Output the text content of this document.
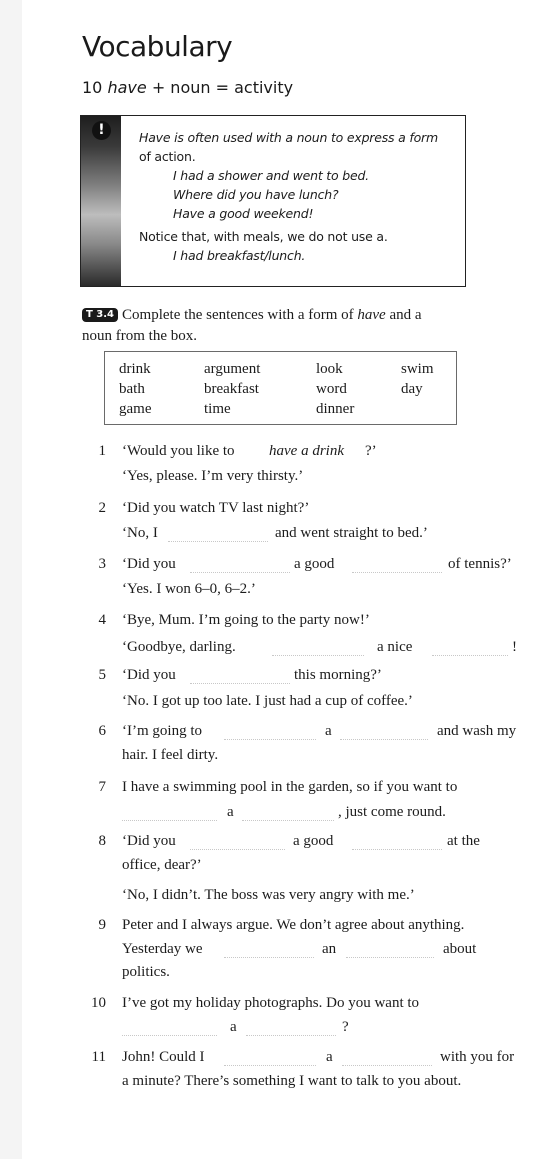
Vocabulary
10 have + noun = activity
!	Have is often used with a noun to express a form
of action.
I had a shower and went to bed.
Where did you have lunch?
Have a good weekend!
Notice that, with meals, we do not use a.
I had breakfast/lunch.
T 3.4 Complete the sentences with a form of have and a
noun from the box.
drink	argument	look	swim
bath	breakfast	word	day
game	time	dinner
1 ‘Would you like to have a drink ?’
‘Yes, please. I’m very thirsty.’
2 ‘Did you watch TV last night?’
‘No, I	and went straight to bed.’
3 ‘Did you	a good	of tennis?’
‘Yes. I won 6–0, 6–2.’
4 ‘Bye, Mum. I’m going to the party now!’
‘Goodbye, darling.	a nice	!
5 ‘Did you	this morning?’
‘No. I got up too late. I just had a cup of coffee.’
6 ‘I’m going to	a	and wash my
hair. I feel dirty.
7 I have a swimming pool in the garden, so if you want to
a	, just come round.
8 ‘Did you	a good	at the
office, dear?’
‘No, I didn’t. The boss was very angry with me.’
9 Peter and I always argue. We don’t agree about anything.
Yesterday we	an	about
politics.
10 I’ve got my holiday photographs. Do you want to
a	?
11 John! Could I	a	with you for
a minute? There’s something I want to talk to you about.
